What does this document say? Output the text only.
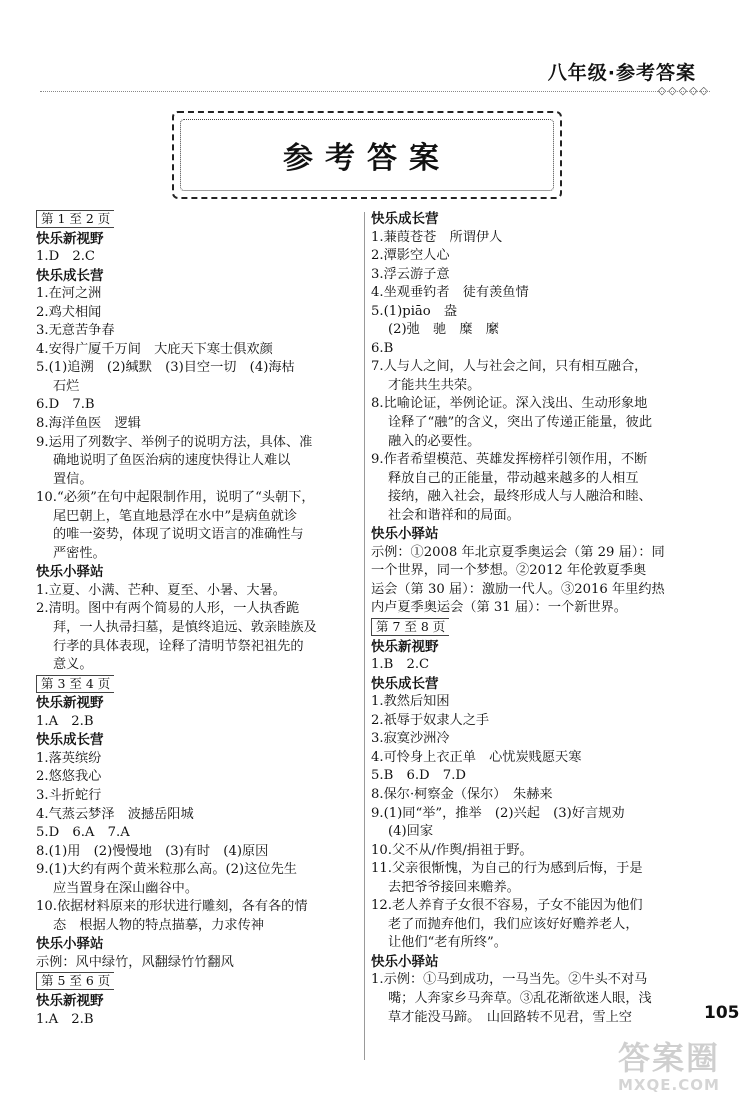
八年级·参考答案
◇◇◇◇◇
参考答案
第 1 至 2 页
快乐新视野
1.D　2.C
快乐成长营
1.在河之洲
2.鸡犬相闻
3.无意苦争春
4.安得广厦千万间　大庇天下寒士俱欢颜
5.(1)追溯　(2)缄默　(3)目空一切　(4)海枯
石烂
6.D　7.B
8.海洋鱼医　逻辑
9.运用了列数字、举例子的说明方法，具体、准
确地说明了鱼医治病的速度快得让人难以
置信。
10.“必须”在句中起限制作用，说明了“头朝下，
尾巴朝上，笔直地悬浮在水中”是病鱼就诊
的唯一姿势，体现了说明文语言的准确性与
严密性。
快乐小驿站
1.立夏、小满、芒种、夏至、小暑、大暑。
2.清明。图中有两个简易的人形，一人执香跪
拜，一人执帚扫墓，是慎终追远、敦亲睦族及
行孝的具体表现，诠释了清明节祭祀祖先的
意义。
第 3 至 4 页
快乐新视野
1.A　2.B
快乐成长营
1.落英缤纷
2.悠悠我心
3.斗折蛇行
4.气蒸云梦泽　波撼岳阳城
5.D　6.A　7.A
8.(1)用　(2)慢慢地　(3)有时　(4)原因
9.(1)大约有两个黄米粒那么高。(2)这位先生
应当置身在深山幽谷中。
10.依据材料原来的形状进行雕刻，各有各的情
态　根据人物的特点描摹，力求传神
快乐小驿站
示例：风中绿竹，风翻绿竹竹翻风
第 5 至 6 页
快乐新视野
1.A　2.B
快乐成长营
1.蒹葭苍苍　所谓伊人
2.潭影空人心
3.浮云游子意
4.坐观垂钓者　徒有羡鱼情
5.(1)piāo　盎
(2)弛　驰　糜　縻
6.B
7.人与人之间，人与社会之间，只有相互融合，
才能共生共荣。
8.比喻论证，举例论证。深入浅出、生动形象地
诠释了“融”的含义，突出了传递正能量，彼此
融入的必要性。
9.作者希望模范、英雄发挥榜样引领作用，不断
释放自己的正能量，带动越来越多的人相互
接纳，融入社会，最终形成人与人融洽和睦、
社会和谐祥和的局面。
快乐小驿站
示例：①2008 年北京夏季奥运会（第 29 届）：同
一个世界，同一个梦想。②2012 年伦敦夏季奥
运会（第 30 届）：激励一代人。③2016 年里约热
内卢夏季奥运会（第 31 届）：一个新世界。
第 7 至 8 页
快乐新视野
1.B　2.C
快乐成长营
1.教然后知困
2.祇辱于奴隶人之手
3.寂寞沙洲冷
4.可怜身上衣正单　心忧炭贱愿天寒
5.B　6.D　7.D
8.保尔·柯察金（保尔）　朱赫来
9.(1)同“举”，推举　(2)兴起　(3)好言规劝
(4)回家
10.父不从/作舆/捐祖于野。
11.父亲很惭愧，为自己的行为感到后悔，于是
去把爷爷接回来赡养。
12.老人养育子女很不容易，子女不能因为他们
老了而抛弃他们，我们应该好好赡养老人，
让他们“老有所终”。
快乐小驿站
1.示例：①马到成功，一马当先。②牛头不对马
嘴；人奔家乡马奔草。③乱花渐欲迷人眼，浅
草才能没马蹄。　山回路转不见君，雪上空	105
答案圈
MXQE.COM
